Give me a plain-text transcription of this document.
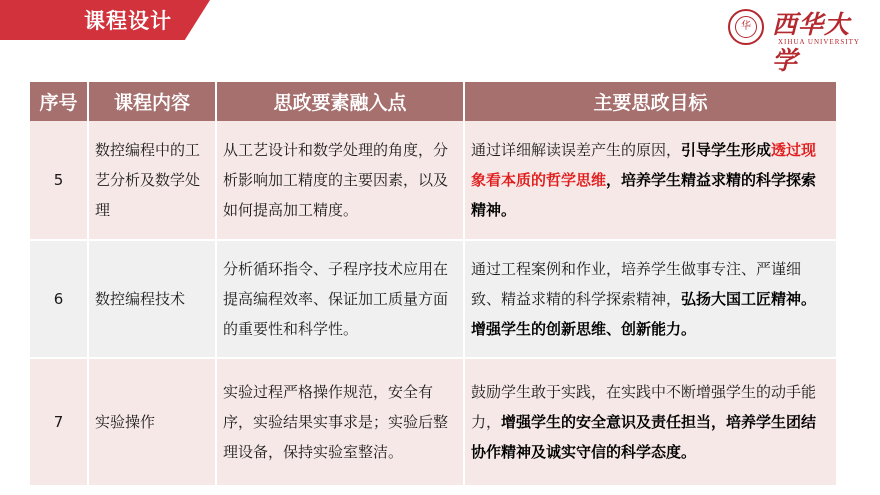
课程设计	华 西华大学
XIHUA UNIVERSITY
序号	课程内容	思政要素融入点	主要思政目标
5	数控编程中的工艺分析及数学处理	从工艺设计和数学处理的角度，分析影响加工精度的主要因素，以及如何提高加工精度。	通过详细解读误差产生的原因，引导学生形成透过现象看本质的哲学思维，培养学生精益求精的科学探索精神。
6	数控编程技术	分析循环指令、子程序技术应用在提高编程效率、保证加工质量方面的重要性和科学性。	通过工程案例和作业，培养学生做事专注、严谨细致、精益求精的科学探索精神，弘扬大国工匠精神。增强学生的创新思维、创新能力。
7	实验操作	实验过程严格操作规范，安全有序，实验结果实事求是；实验后整理设备，保持实验室整洁。	鼓励学生敢于实践，在实践中不断增强学生的动手能力，增强学生的安全意识及责任担当，培养学生团结协作精神及诚实守信的科学态度。
